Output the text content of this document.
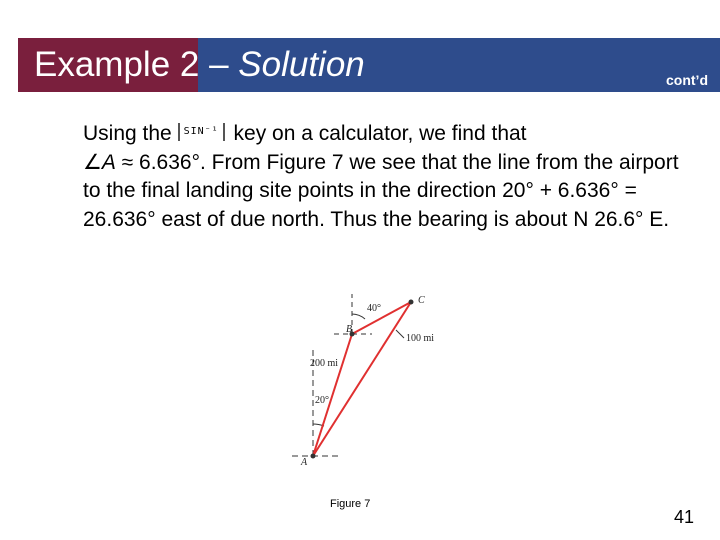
Example 2 – Solution	cont’d

Using the SIN⁻¹ key on a calculator, we find that
∠A ≈ 6.636°. From Figure 7 we see that the line from the airport to the final landing site points in the direction 20° + 6.636° = 26.636° east of due north. Thus the bearing is about N 26.6° E.

40°
C
B
100 mi
200 mi
20°
A

Figure 7

41
